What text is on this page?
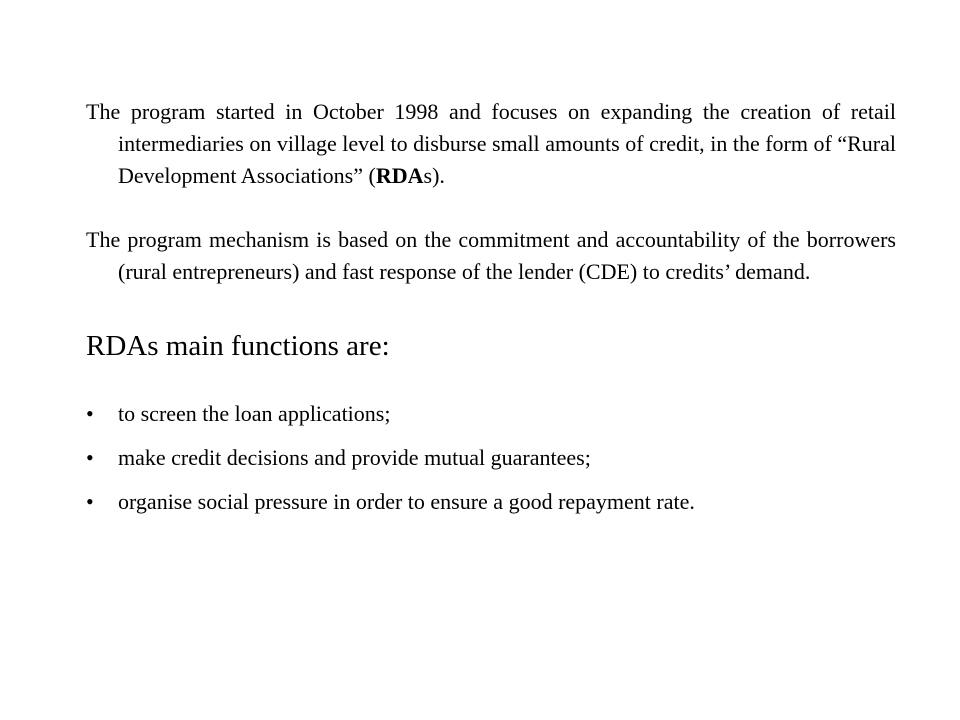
The program started in October 1998 and focuses on expanding the creation of retail intermediaries on village level to disburse small amounts of credit, in the form of “Rural Development Associations” (RDAs).

The program mechanism is based on the commitment and accountability of the borrowers (rural entrepreneurs) and fast response of the lender (CDE) to credits’ demand.

RDAs main functions are:
•	to screen the loan applications;
•	make credit decisions and provide mutual guarantees;
•	organise social pressure in order to ensure a good repayment rate.
